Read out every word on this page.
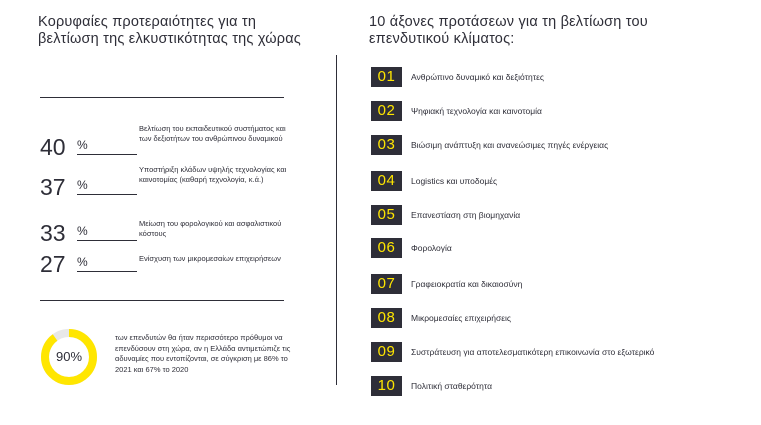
Κορυφαίες προτεραιότητες για τη βελτίωση της ελκυστικότητας της χώρας
40 %
Βελτίωση του εκπαιδευτικού συστήματος και των δεξιοτήτων του ανθρώπινου δυναμικού
37 %
Υποστήριξη κλάδων υψηλής τεχνολογίας και καινοτομίας (καθαρή τεχνολογία, κ.ά.)
33 %
Μείωση του φορολογικού και ασφαλιστικού κόστους
27 %	Ενίσχυση των μικρομεσαίων επιχειρήσεων
90%
των επενδυτών θα ήταν περισσότερο πρόθυμοι να επενδύσουν στη χώρα, αν η Ελλάδα αντιμετώπιζε τις αδυναμίες που εντοπίζονται, σε σύγκριση με 86% το 2021 και 67% το 2020
10 άξονες προτάσεων για τη βελτίωση του επενδυτικού κλίματος:
01	Ανθρώπινο δυναμικό και δεξιότητες
02	Ψηφιακή τεχνολογία και καινοτομία
03	Βιώσιμη ανάπτυξη και ανανεώσιμες πηγές ενέργειας
04	Logistics και υποδομές
05	Επανεστίαση στη βιομηχανία
06	Φορολογία
07	Γραφειοκρατία και δικαιοσύνη
08	Μικρομεσαίες επιχειρήσεις
09	Συστράτευση για αποτελεσματικότερη επικοινωνία στο εξωτερικό
10	Πολιτική σταθερότητα
